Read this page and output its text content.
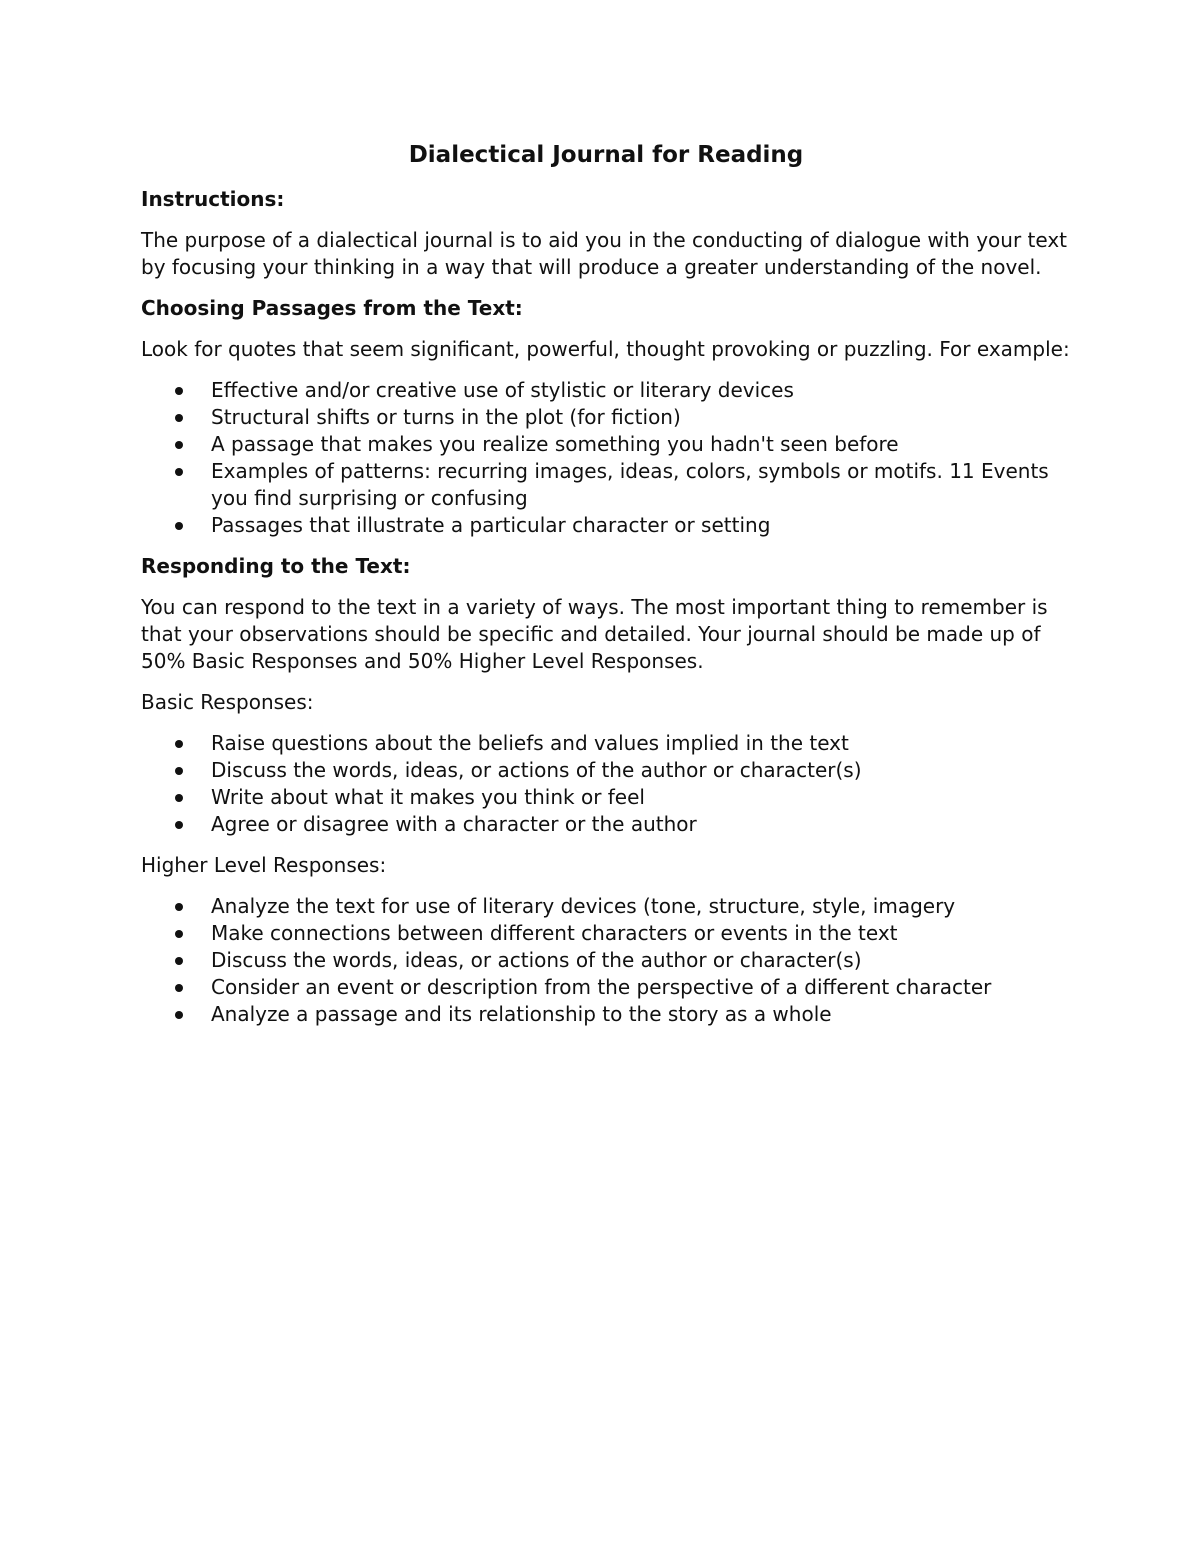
Dialectical Journal for Reading
Instructions:
The purpose of a dialectical journal is to aid you in the conducting of dialogue with your text by focusing your thinking in a way that will produce a greater understanding of the novel.
Choosing Passages from the Text:
Look for quotes that seem significant, powerful, thought provoking or puzzling. For example:
Effective and/or creative use of stylistic or literary devices
Structural shifts or turns in the plot (for fiction)
A passage that makes you realize something you hadn't seen before
Examples of patterns: recurring images, ideas, colors, symbols or motifs. 11 Events you find surprising or confusing
Passages that illustrate a particular character or setting
Responding to the Text:
You can respond to the text in a variety of ways. The most important thing to remember is that your observations should be specific and detailed. Your journal should be made up of 50% Basic Responses and 50% Higher Level Responses.
Basic Responses:
Raise questions about the beliefs and values implied in the text
Discuss the words, ideas, or actions of the author or character(s)
Write about what it makes you think or feel
Agree or disagree with a character or the author
Higher Level Responses:
Analyze the text for use of literary devices (tone, structure, style, imagery
Make connections between different characters or events in the text
Discuss the words, ideas, or actions of the author or character(s)
Consider an event or description from the perspective of a different character
Analyze a passage and its relationship to the story as a whole
